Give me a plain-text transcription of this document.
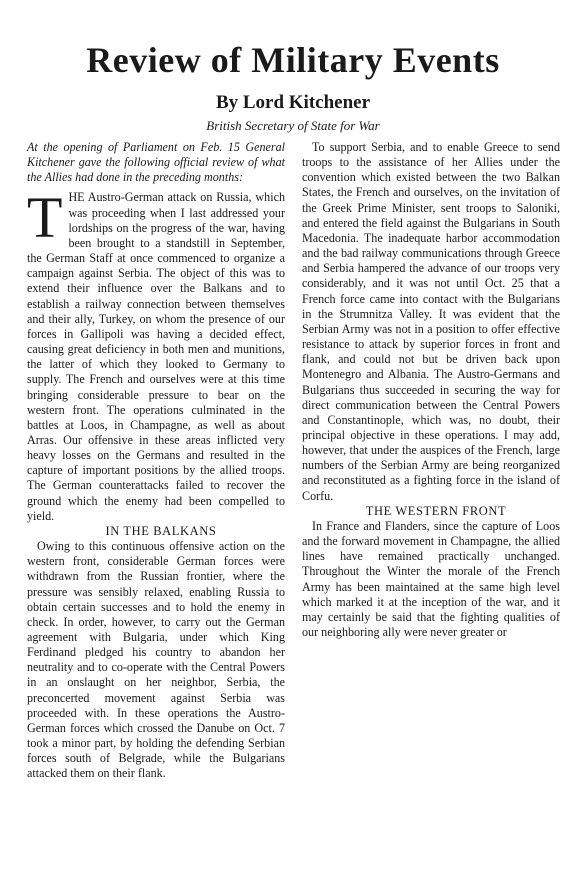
Review of Military Events
By Lord Kitchener
British Secretary of State for War

At the opening of Parliament on Feb. 15 General Kitchener gave the following official review of what the Allies had done in the preceding months:

THE Austro-German attack on Russia, which was proceeding when I last addressed your lordships on the progress of the war, having been brought to a standstill in September, the German Staff at once commenced to organize a campaign against Serbia. The object of this was to extend their influence over the Balkans and to establish a railway connection between themselves and their ally, Turkey, on whom the presence of our forces in Gallipoli was having a decided effect, causing great deficiency in both men and munitions, the latter of which they looked to Germany to supply. The French and ourselves were at this time bringing considerable pressure to bear on the western front. The operations culminated in the battles at Loos, in Champagne, as well as about Arras. Our offensive in these areas inflicted very heavy losses on the Germans and resulted in the capture of important positions by the allied troops. The German counterattacks failed to recover the ground which the enemy had been compelled to yield.

IN THE BALKANS

Owing to this continuous offensive action on the western front, considerable German forces were withdrawn from the Russian frontier, where the pressure was sensibly relaxed, enabling Russia to obtain certain successes and to hold the enemy in check. In order, however, to carry out the German agreement with Bulgaria, under which King Ferdinand pledged his country to abandon her neutrality and to co-operate with the Central Powers in an onslaught on her neighbor, Serbia, the preconcerted movement against Serbia was proceeded with. In these operations the Austro-German forces which crossed the Danube on Oct. 7 took a minor part, by holding the defending Serbian forces south of Belgrade, while the Bulgarians attacked them on their flank.

To support Serbia, and to enable Greece to send troops to the assistance of her Allies under the convention which existed between the two Balkan States, the French and ourselves, on the invitation of the Greek Prime Minister, sent troops to Saloniki, and entered the field against the Bulgarians in South Macedonia. The inadequate harbor accommodation and the bad railway communications through Greece and Serbia hampered the advance of our troops very considerably, and it was not until Oct. 25 that a French force came into contact with the Bulgarians in the Strumnitza Valley. It was evident that the Serbian Army was not in a position to offer effective resistance to attack by superior forces in front and flank, and could not but be driven back upon Montenegro and Albania. The Austro-Germans and Bulgarians thus succeeded in securing the way for direct communication between the Central Powers and Constantinople, which was, no doubt, their principal objective in these operations. I may add, however, that under the auspices of the French, large numbers of the Serbian Army are being reorganized and reconstituted as a fighting force in the island of Corfu.

THE WESTERN FRONT

In France and Flanders, since the capture of Loos and the forward movement in Champagne, the allied lines have remained practically unchanged. Throughout the Winter the morale of the French Army has been maintained at the same high level which marked it at the inception of the war, and it may certainly be said that the fighting qualities of our neighboring ally were never greater or
